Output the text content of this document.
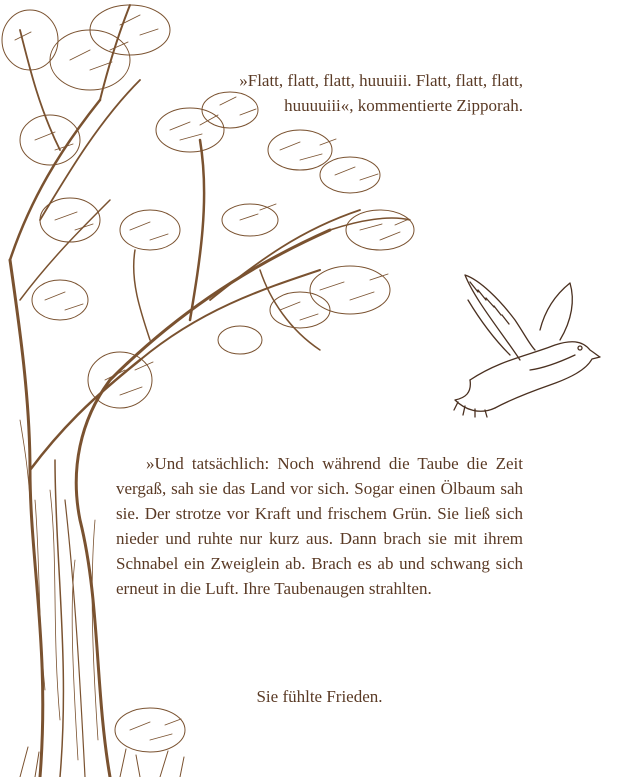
»Flatt, flatt, flatt, huuuiii. Flatt, flatt, flatt, huuuuiii«, kommentierte Zipporah.

»Und tatsächlich: Noch während die Taube die Zeit vergaß, sah sie das Land vor sich. Sogar einen Ölbaum sah sie. Der strotze vor Kraft und frischem Grün. Sie ließ sich nieder und ruhte nur kurz aus. Dann brach sie mit ihrem Schnabel ein Zweiglein ab. Brach es ab und schwang sich erneut in die Luft. Ihre Taubenaugen strahlten.

Sie fühlte Frieden.
